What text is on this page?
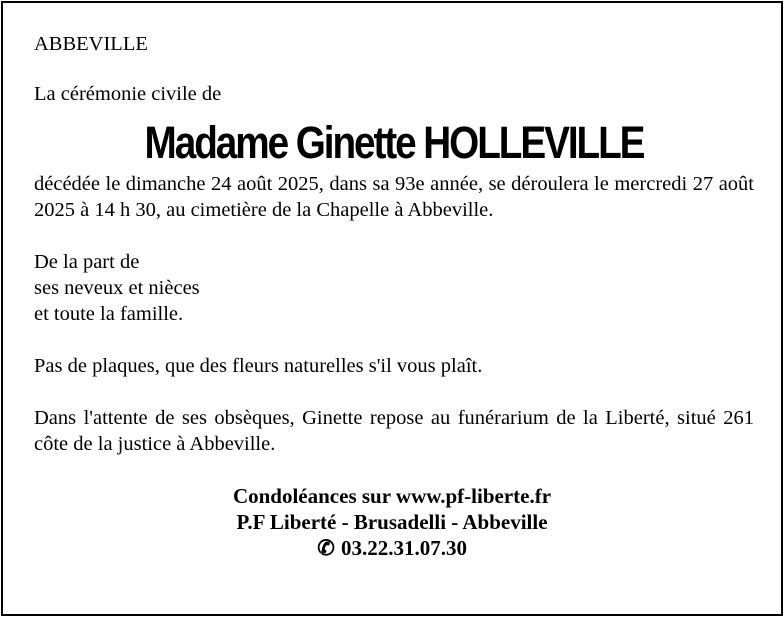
ABBEVILLE

La cérémonie civile de

Madame Ginette HOLLEVILLE

décédée le dimanche 24 août 2025, dans sa 93e année, se déroulera le mercredi 27 août 2025 à 14 h 30, au cimetière de la Chapelle à Abbeville.

De la part de

ses neveux et nièces

et toute la famille.

Pas de plaques, que des fleurs naturelles s'il vous plaît.

Dans l'attente de ses obsèques, Ginette repose au funérarium de la Liberté, situé 261 côte de la justice à Abbeville.

Condoléances sur www.pf-liberte.fr
P.F Liberté - Brusadelli - Abbeville
✆ 03.22.31.07.30
